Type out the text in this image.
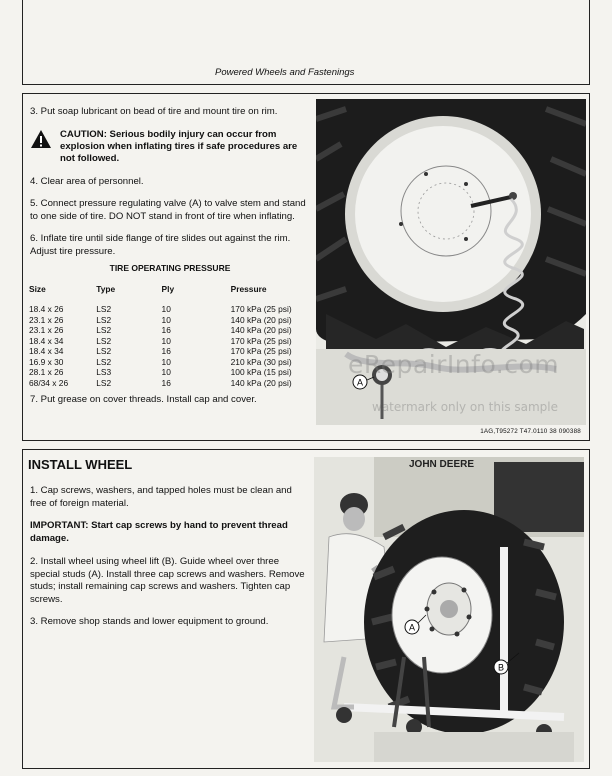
Powered Wheels and Fastenings

3. Put soap lubricant on bead of tire and mount tire on rim.

CAUTION: Serious bodily injury can occur from explosion when inflating tires if safe procedures are not followed.

4. Clear area of personnel.

5. Connect pressure regulating valve (A) to valve stem and stand to one side of tire. DO NOT stand in front of tire when inflating.

6. Inflate tire until side flange of tire slides out against the rim. Adjust tire pressure.

TIRE OPERATING PRESSURE
Size	Type	Ply	Pressure
18.4 x 26	LS2	10	170 kPa (25 psi)
23.1 x 26	LS2	10	140 kPa (20 psi)
23.1 x 26	LS2	16	140 kPa (20 psi)
18.4 x 34	LS2	10	170 kPa (25 psi)
18.4 x 34	LS2	16	170 kPa (25 psi)
16.9 x 30	LS2	10	210 kPa (30 psi)
28.1 x 26	LS3	10	100 kPa (15 psi)
68/34 x 26	LS2	16	140 kPa (20 psi)

7. Put grease on cover threads. Install cap and cover.

A
1AG,T95272 T47.0110 38 090388
eRepairInfo.com
watermark only on this sample
INSTALL WHEEL

1. Cap screws, washers, and tapped holes must be clean and free of foreign material.

IMPORTANT: Start cap screws by hand to prevent thread damage.

2. Install wheel using wheel lift (B). Guide wheel over three special studs (A). Install three cap screws and washers. Remove studs; install remaining cap screws and washers. Tighten cap screws.

3. Remove shop stands and lower equipment to ground.

JOHN DEERE
A
B
